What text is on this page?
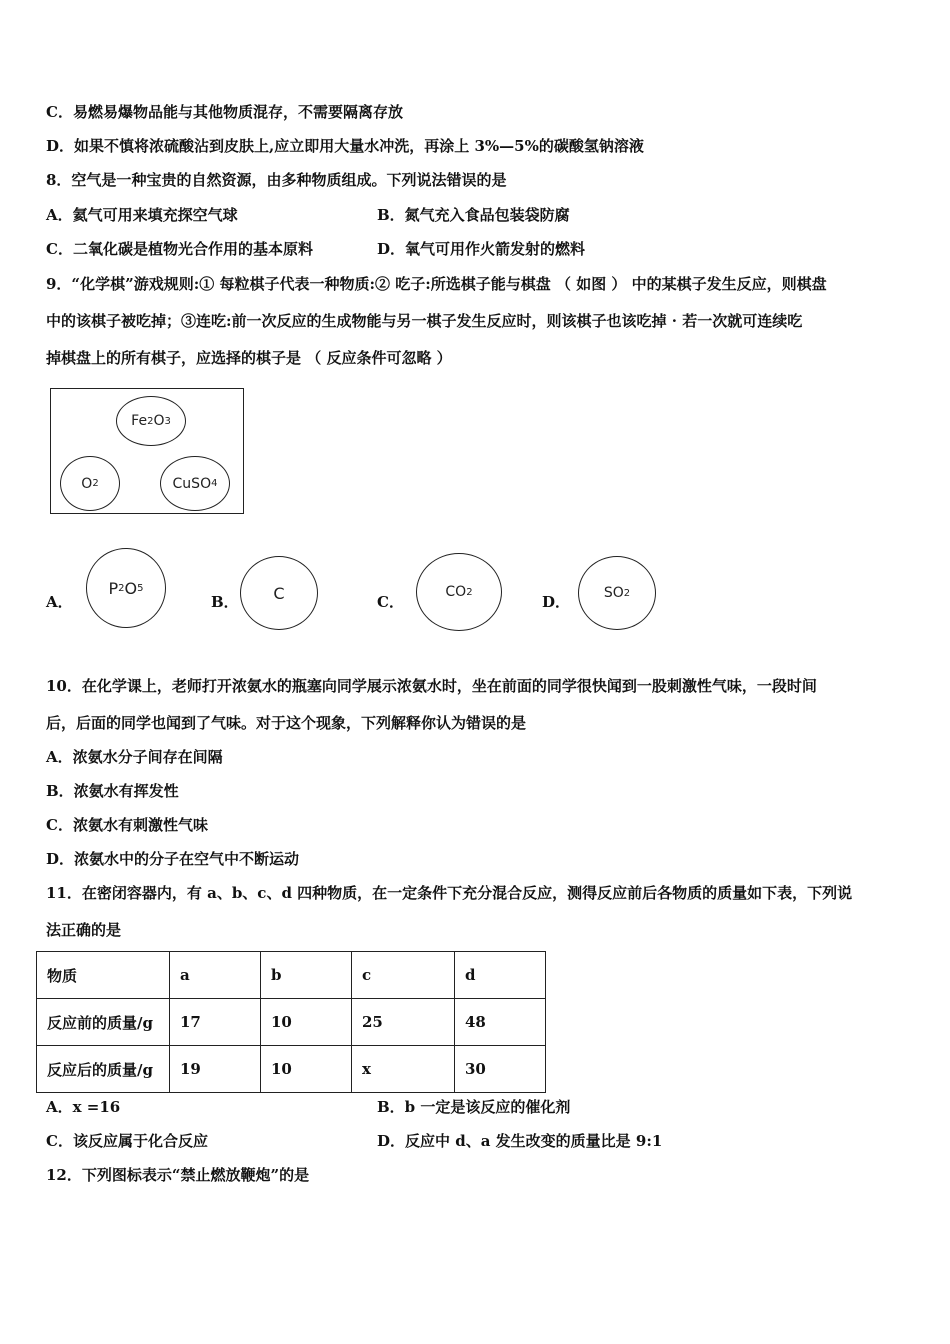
C．易燃易爆物品能与其他物质混存，不需要隔离存放
D．如果不慎将浓硫酸沾到皮肤上,应立即用大量水冲洗，再涂上 3%—5%的碳酸氢钠溶液
8．空气是一种宝贵的自然资源，由多种物质组成。下列说法错误的是
A．氦气可用来填充探空气球	B．氮气充入食品包装袋防腐
C．二氧化碳是植物光合作用的基本原料	D．氧气可用作火箭发射的燃料
9．“化学棋”游戏规则:① 每粒棋子代表一种物质:② 吃子:所选棋子能与棋盘 （ 如图 ） 中的某棋子发生反应，则棋盘
中的该棋子被吃掉；③连吃:前一次反应的生成物能与另一棋子发生反应时，则该棋子也该吃掉 · 若一次就可连续吃
掉棋盘上的所有棋子，应选择的棋子是 （ 反应条件可忽略 ）
Fe 2 O 3
O 2	CuSO 4
A．
P 2 O 5
B． C	C．
CO 2
D． SO 2
10．在化学课上，老师打开浓氨水的瓶塞向同学展示浓氨水时，坐在前面的同学很快闻到一股刺激性气味，一段时间
后，后面的同学也闻到了气味。对于这个现象，下列解释你认为错误的是
A．浓氨水分子间存在间隔
B．浓氨水有挥发性
C．浓氨水有刺激性气味
D．浓氨水中的分子在空气中不断运动
11．在密闭容器内，有 a、b、c、d 四种物质，在一定条件下充分混合反应，测得反应前后各物质的质量如下表，下列说
法正确的是
物质	a	b	c	d
反应前的质量/g	17	10	25	48
反应后的质量/g	19	10	x	30
A．x =16	B．b 一定是该反应的催化剂
C．该反应属于化合反应	D．反应中 d、a 发生改变的质量比是 9:1
12．下列图标表示“禁止燃放鞭炮”的是
